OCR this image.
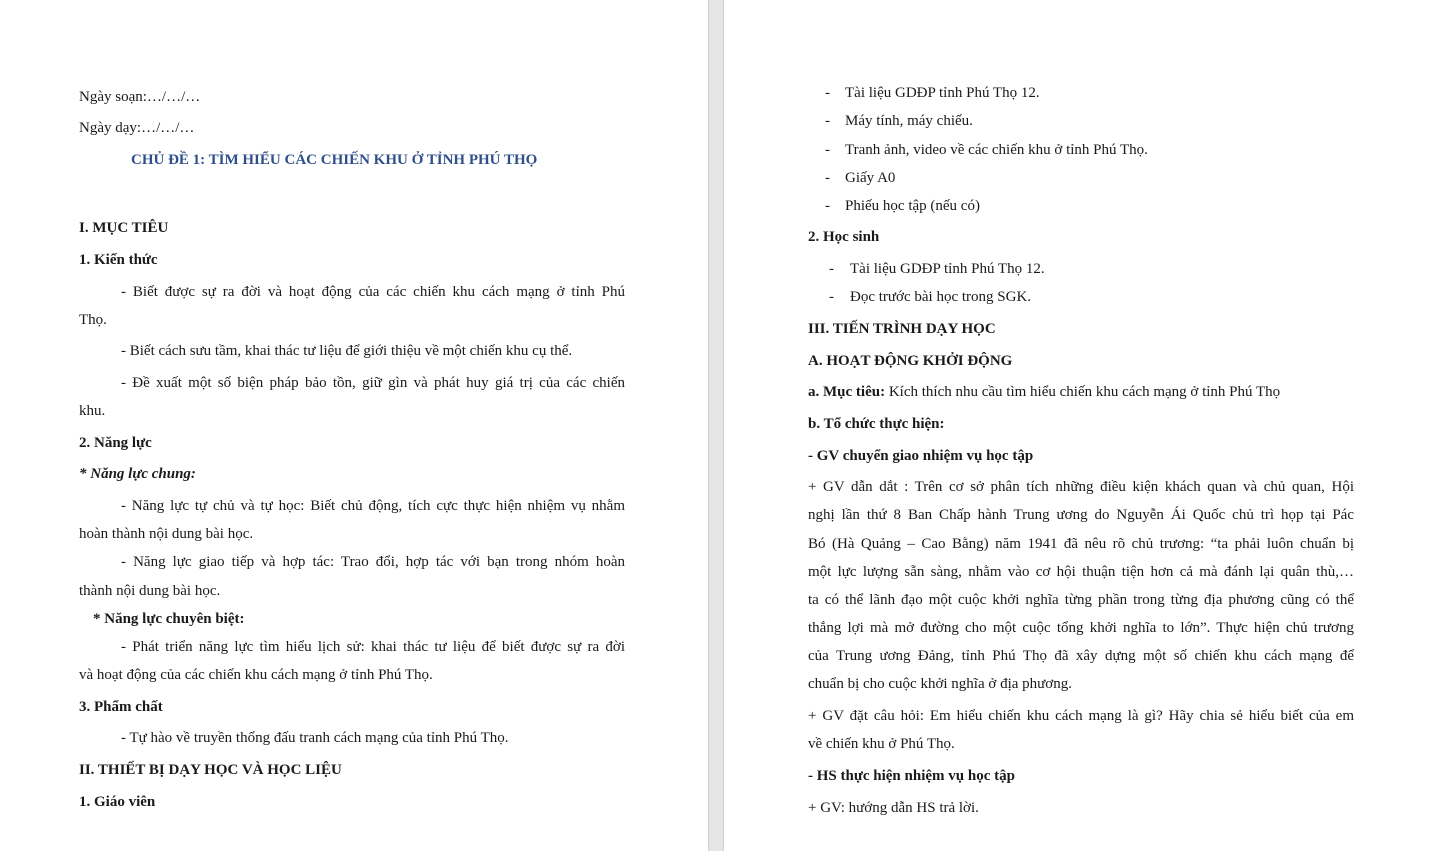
Ngày soạn:…/…/…
Ngày dạy:…/…/…
CHỦ ĐỀ 1: TÌM HIỂU CÁC CHIẾN KHU Ở TỈNH PHÚ THỌ
I. MỤC TIÊU
1. Kiến thức
- Biết được sự ra đời và hoạt động của các chiến khu cách mạng ở tỉnh Phú
Thọ.
- Biết cách sưu tầm, khai thác tư liệu để giới thiệu về một chiến khu cụ thể.
- Đề xuất một số biện pháp bảo tồn, giữ gìn và phát huy giá trị của các chiến
khu.
2. Năng lực
* Năng lực chung:
- Năng lực tự chủ và tự học: Biết chủ động, tích cực thực hiện nhiệm vụ nhằm
hoàn thành nội dung bài học.
- Năng lực giao tiếp và hợp tác: Trao đổi, hợp tác với bạn trong nhóm hoàn
thành nội dung bài học.
* Năng lực chuyên biệt:
- Phát triển năng lực tìm hiểu lịch sử: khai thác tư liệu để biết được sự ra đời
và hoạt động của các chiến khu cách mạng ở tỉnh Phú Thọ.
3. Phẩm chất
- Tự hào về truyền thống đấu tranh cách mạng của tỉnh Phú Thọ.
II. THIẾT BỊ DẠY HỌC VÀ HỌC LIỆU
1. Giáo viên
- Tài liệu GDĐP tỉnh Phú Thọ 12.
- Máy tính, máy chiếu.
- Tranh ảnh, video về các chiến khu ở tỉnh Phú Thọ.
- Giấy A0
- Phiếu học tập (nếu có)
2. Học sinh
- Tài liệu GDĐP tỉnh Phú Thọ 12.
- Đọc trước bài học trong SGK.
III. TIẾN TRÌNH DẠY HỌC
A. HOẠT ĐỘNG KHỞI ĐỘNG
a. Mục tiêu: Kích thích nhu cầu tìm hiểu chiến khu cách mạng ở tỉnh Phú Thọ
b. Tổ chức thực hiện:
- GV chuyển giao nhiệm vụ học tập
+ GV dẫn dắt : Trên cơ sở phân tích những điều kiện khách quan và chủ quan, Hội
nghị lần thứ 8 Ban Chấp hành Trung ương do Nguyễn Ái Quốc chủ trì họp tại Pác
Bó (Hà Quảng – Cao Bằng) năm 1941 đã nêu rõ chủ trương: “ta phải luôn chuẩn bị
một lực lượng sẵn sàng, nhằm vào cơ hội thuận tiện hơn cả mà đánh lại quân thù,…
ta có thể lãnh đạo một cuộc khởi nghĩa từng phần trong từng địa phương cũng có thể
thắng lợi mà mở đường cho một cuộc tổng khởi nghĩa to lớn”. Thực hiện chủ trương
của Trung ương Đảng, tỉnh Phú Thọ đã xây dựng một số chiến khu cách mạng để
chuẩn bị cho cuộc khởi nghĩa ở địa phương.
+ GV đặt câu hỏi: Em hiểu chiến khu cách mạng là gì? Hãy chia sẻ hiểu biết của em
về chiến khu ở Phú Thọ.
- HS thực hiện nhiệm vụ học tập
+ GV: hướng dẫn HS trả lời.
